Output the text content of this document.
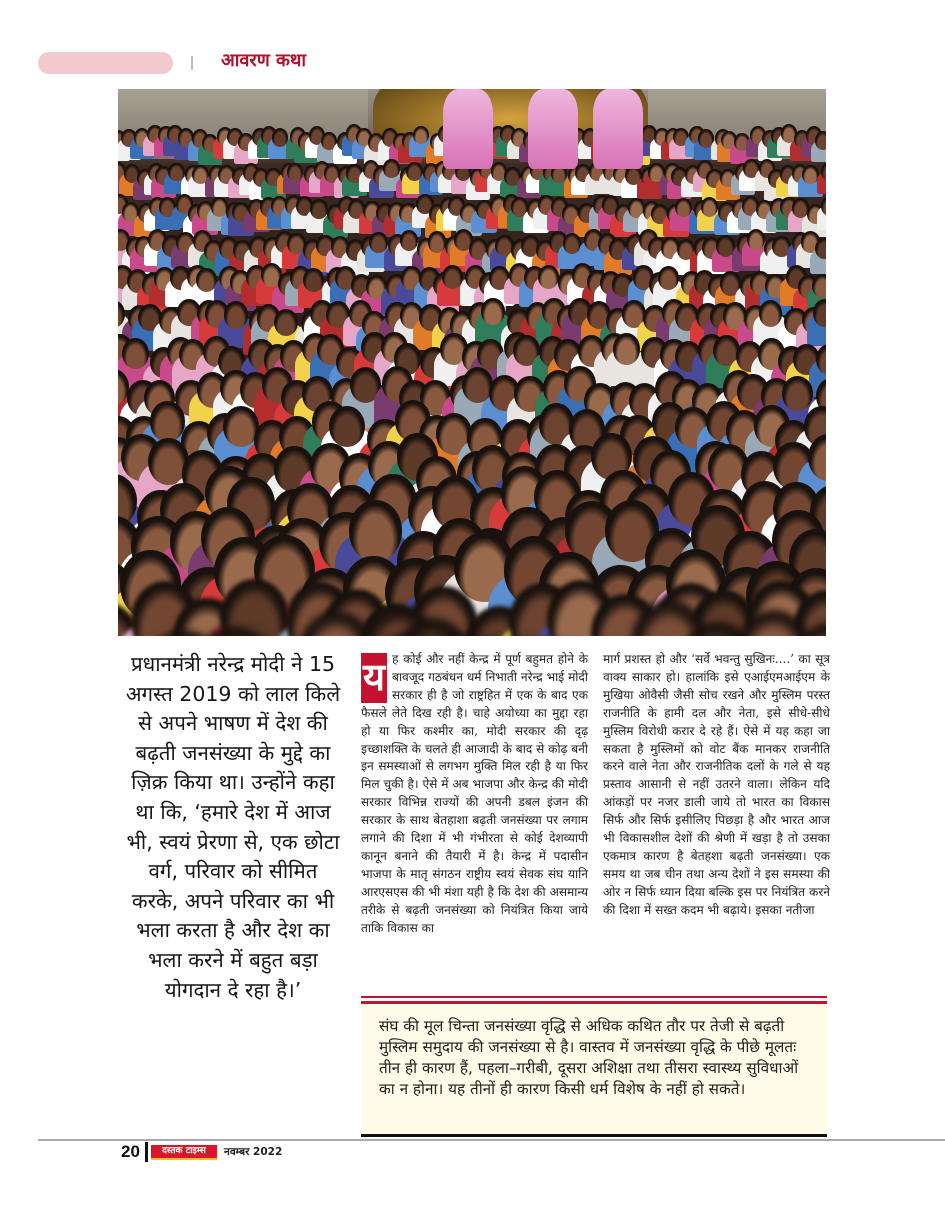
आवरण कथा
प्रधानमंत्री नरेन्द्र मोदी ने 15 अगस्त 2019 को लाल किले से अपने भाषण में देश की बढ़ती जनसंख्या के मुद्दे का ज़िक्र किया था। उन्होंने कहा था कि, ‘हमारे देश में आज भी, स्वयं प्रेरणा से, एक छोटा वर्ग, परिवार को सीमित करके, अपने परिवार का भी भला करता है और देश का भला करने में बहुत बड़ा योगदान दे रहा है।’

य ह कोई और नहीं केन्द्र में पूर्ण बहुमत होने के बावजूद गठबंधन धर्म निभाती नरेन्द्र भाई मोदी सरकार ही है जो राष्ट्रहित में एक के बाद एक फैसले लेते दिख रही है। चाहे अयोध्या का मुद्दा रहा हो या फिर कश्मीर का, मोदी सरकार की दृढ़ इच्छाशक्ति के चलते ही आजादी के बाद से कोढ़ बनी इन समस्याओं से लगभग मुक्ति मिल रही है या फिर मिल चुकी है। ऐसे में अब भाजपा और केन्द्र की मोदी सरकार विभिन्न राज्यों की अपनी डबल इंजन की सरकार के साथ बेतहाशा बढ़ती जनसंख्या पर लगाम लगाने की दिशा में भी गंभीरता से कोई देशव्यापी कानून बनाने की तैयारी में है। केन्द्र में पदासीन भाजपा के मातृ संगठन राष्ट्रीय स्वयं सेवक संघ यानि आरएसएस की भी मंशा यही है कि देश की असमान्य तरीके से बढ़ती जनसंख्या को नियंत्रित किया जाये ताकि विकास का

मार्ग प्रशस्त हो और ‘सर्वे भवन्तु सुखिनः....’ का सूत्र वाक्य साकार हो। हालांकि इसे एआईएमआईएम के मुखिया ओवैसी जैसी सोच रखने और मुस्लिम परस्त राजनीति के हामी दल और नेता, इसे सीधे-सीधे मुस्लिम विरोधी करार दे रहे हैं। ऐसे में यह कहा जा सकता है मुस्लिमों को वोट बैंक मानकर राजनीति करने वाले नेता और राजनीतिक दलों के गले से यह प्रस्ताव आसानी से नहीं उतरने वाला। लेकिन यदि आंकड़ों पर नजर डाली जाये तो भारत का विकास सिर्फ और सिर्फ इसीलिए पिछड़ा है और भारत आज भी विकासशील देशों की श्रेणी में खड़ा है तो उसका एकमात्र कारण है बेतहशा बढ़ती जनसंख्या। एक समय था जब चीन तथा अन्य देशों ने इस समस्या की ओर न सिर्फ ध्यान दिया बल्कि इस पर नियंत्रित करने की दिशा में सख्त कदम भी बढ़ाये। इसका नतीजा

संघ की मूल चिन्ता जनसंख्या वृद्धि से अधिक कथित तौर पर तेजी से बढ़ती मुस्लिम समुदाय की जनसंख्या से है। वास्तव में जनसंख्या वृद्धि के पीछे मूलतः तीन ही कारण हैं, पहला–गरीबी, दूसरा अशिक्षा तथा तीसरा स्वास्थ्य सुविधाओं का न होना। यह तीनों ही कारण किसी धर्म विशेष के नहीं हो सकते।
20	दस्तक टाइम्स	नवम्बर 2022
